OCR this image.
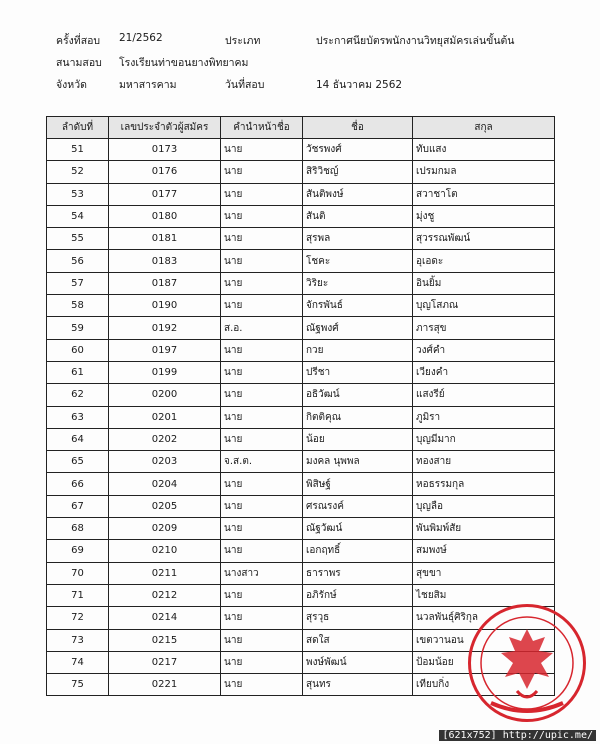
ครั้งที่สอบ 21/2562	ประเภท	ประกาศนียบัตรพนักงานวิทยุสมัครเล่นขั้นต้น
สนามสอบ โรงเรียนท่าขอนยางพิทยาคม
จังหวัด	มหาสารคาม	วันที่สอบ	14 ธันวาคม 2562
ลำดับที่	เลขประจำตัวผู้สมัคร	คำนำหน้าชื่อ	ชื่อ	สกุล
51	0173	นาย	วัชรพงศ์	ทับแสง
52	0176	นาย	สิริวิชญ์	เปรมกมล
53	0177	นาย	สันติพงษ์	สวาชาโต
54	0180	นาย	สันติ	มุ่งชู
55	0181	นาย	สุรพล	สุวรรณพัฒน์
56	0183	นาย	โชคะ	อุเอดะ
57	0187	นาย	วิริยะ	อินยิ้ม
58	0190	นาย	จักรพันธ์	บุญโสภณ
59	0192	ส.อ.	ณัฐพงศ์	ภารสุข
60	0197	นาย	กวย	วงศ์คำ
61	0199	นาย	ปรีชา	เวียงคำ
62	0200	นาย	อธิวัฒน์	แสงรีย์
63	0201	นาย	กิตติคุณ	ภูมิรา
64	0202	นาย	น้อย	บุญมีมาก
65	0203	จ.ส.ต.	มงคล นุพพล	ทองสาย
66	0204	นาย	พิสิษฐ์	หอธรรมกุล
67	0205	นาย	ศรณรงค์	บุญลือ
68	0209	นาย	ณัฐวัฒน์	พันพิมพ์สัย
69	0210	นาย	เอกฤทธิ์	สมพงษ์
70	0211	นางสาว	ธาราพร	สุขขา
71	0212	นาย	อภิรักษ์	ไชยสิม
72	0214	นาย	สุรวุธ	นวลพันธุ์ศิริกุล
73	0215	นาย	สดใส	เขตวานอน
74	0217	นาย	พงษ์พัฒน์	ป้อมน้อย
75	0221	นาย	สุนทร	เทียบกิ่ง
[621x752] http://upic.me/
